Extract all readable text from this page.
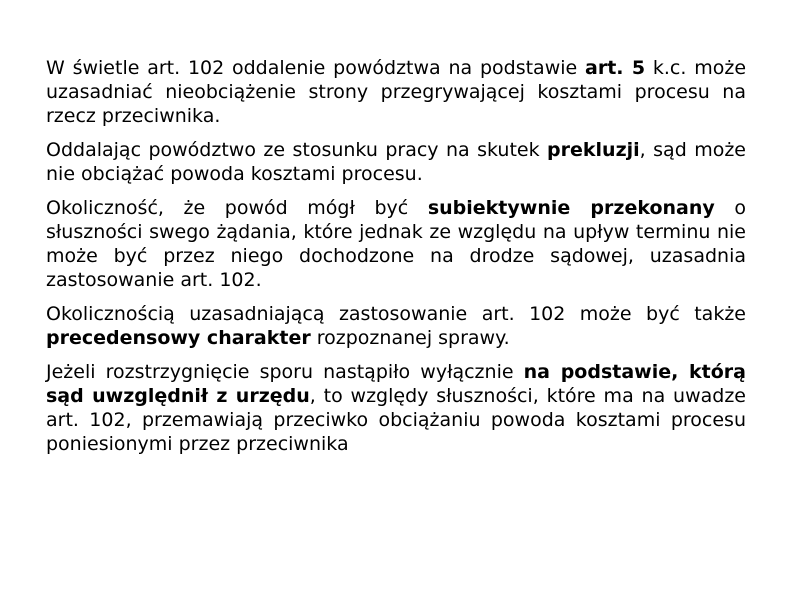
W świetle art. 102 oddalenie powództwa na podstawie art. 5 k.c. może uzasadniać nieobciążenie strony przegrywającej kosztami procesu na rzecz przeciwnika.

Oddalając powództwo ze stosunku pracy na skutek prekluzji, sąd może nie obciążać powoda kosztami procesu.

Okoliczność, że powód mógł być subiektywnie przekonany o słuszności swego żądania, które jednak ze względu na upływ terminu nie może być przez niego dochodzone na drodze sądowej, uzasadnia zastosowanie art. 102.

Okolicznością uzasadniającą zastosowanie art. 102 może być także precedensowy charakter rozpoznanej sprawy.

Jeżeli rozstrzygnięcie sporu nastąpiło wyłącznie na podstawie, którą sąd uwzględnił z urzędu, to względy słuszności, które ma na uwadze art. 102, przemawiają przeciwko obciążaniu powoda kosztami procesu poniesionymi przez przeciwnika
